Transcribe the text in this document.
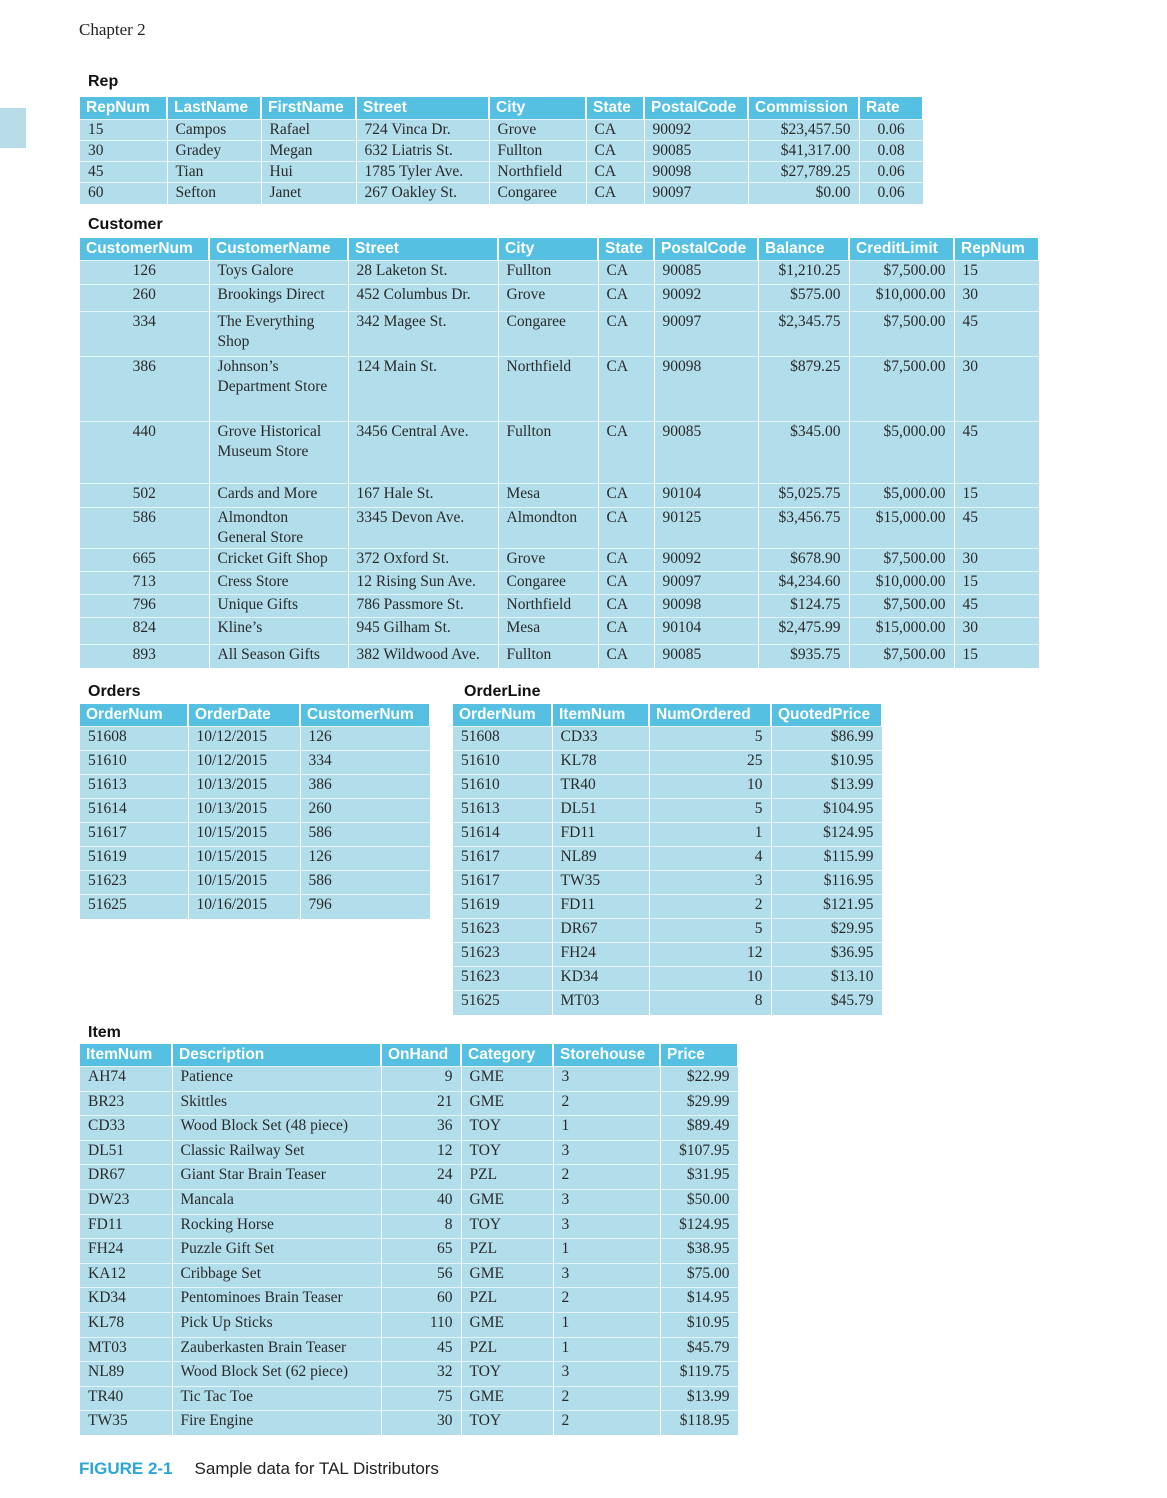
Chapter 2
Rep
RepNum	LastName	FirstName	Street	City	State	PostalCode	Commission	Rate
15	Campos	Rafael	724 Vinca Dr.	Grove	CA	90092	$23,457.50	0.06
30	Gradey	Megan	632 Liatris St.	Fullton	CA	90085	$41,317.00	0.08
45	Tian	Hui	1785 Tyler Ave.	Northfield	CA	90098	$27,789.25	0.06
60	Sefton	Janet	267 Oakley St.	Congaree	CA	90097	$0.00	0.06
Customer
CustomerNum	CustomerName	Street	City	State	PostalCode	Balance	CreditLimit	RepNum
126	Toys Galore	28 Laketon St.	Fullton	CA	90085	$1,210.25	$7,500.00	15
260	Brookings Direct	452 Columbus Dr.	Grove	CA	90092	$575.00	$10,000.00	30
334	The Everything Shop	342 Magee St.	Congaree	CA	90097	$2,345.75	$7,500.00	45
386	Johnson’s Department Store	124 Main St.	Northfield	CA	90098	$879.25	$7,500.00	30
440	Grove Historical Museum Store	3456 Central Ave.	Fullton	CA	90085	$345.00	$5,000.00	45
502	Cards and More	167 Hale St.	Mesa	CA	90104	$5,025.75	$5,000.00	15
586	Almondton General Store	3345 Devon Ave.	Almondton	CA	90125	$3,456.75	$15,000.00	45
665	Cricket Gift Shop	372 Oxford St.	Grove	CA	90092	$678.90	$7,500.00	30
713	Cress Store	12 Rising Sun Ave.	Congaree	CA	90097	$4,234.60	$10,000.00	15
796	Unique Gifts	786 Passmore St.	Northfield	CA	90098	$124.75	$7,500.00	45
824	Kline’s	945 Gilham St.	Mesa	CA	90104	$2,475.99	$15,000.00	30
893	All Season Gifts	382 Wildwood Ave.	Fullton	CA	90085	$935.75	$7,500.00	15
Orders
OrderNum	OrderDate	CustomerNum
51608	10/12/2015	126
51610	10/12/2015	334
51613	10/13/2015	386
51614	10/13/2015	260
51617	10/15/2015	586
51619	10/15/2015	126
51623	10/15/2015	586
51625	10/16/2015	796
OrderLine
OrderNum	ItemNum	NumOrdered	QuotedPrice
51608	CD33	5	$86.99
51610	KL78	25	$10.95
51610	TR40	10	$13.99
51613	DL51	5	$104.95
51614	FD11	1	$124.95
51617	NL89	4	$115.99
51617	TW35	3	$116.95
51619	FD11	2	$121.95
51623	DR67	5	$29.95
51623	FH24	12	$36.95
51623	KD34	10	$13.10
51625	MT03	8	$45.79
Item
ItemNum	Description	OnHand	Category	Storehouse	Price
AH74	Patience	9	GME	3	$22.99
BR23	Skittles	21	GME	2	$29.99
CD33	Wood Block Set (48 piece)	36	TOY	1	$89.49
DL51	Classic Railway Set	12	TOY	3	$107.95
DR67	Giant Star Brain Teaser	24	PZL	2	$31.95
DW23	Mancala	40	GME	3	$50.00
FD11	Rocking Horse	8	TOY	3	$124.95
FH24	Puzzle Gift Set	65	PZL	1	$38.95
KA12	Cribbage Set	56	GME	3	$75.00
KD34	Pentominoes Brain Teaser	60	PZL	2	$14.95
KL78	Pick Up Sticks	110	GME	1	$10.95
MT03	Zauberkasten Brain Teaser	45	PZL	1	$45.79
NL89	Wood Block Set (62 piece)	32	TOY	3	$119.75
TR40	Tic Tac Toe	75	GME	2	$13.99
TW35	Fire Engine	30	TOY	2	$118.95
FIGURE 2-1 Sample data for TAL Distributors
